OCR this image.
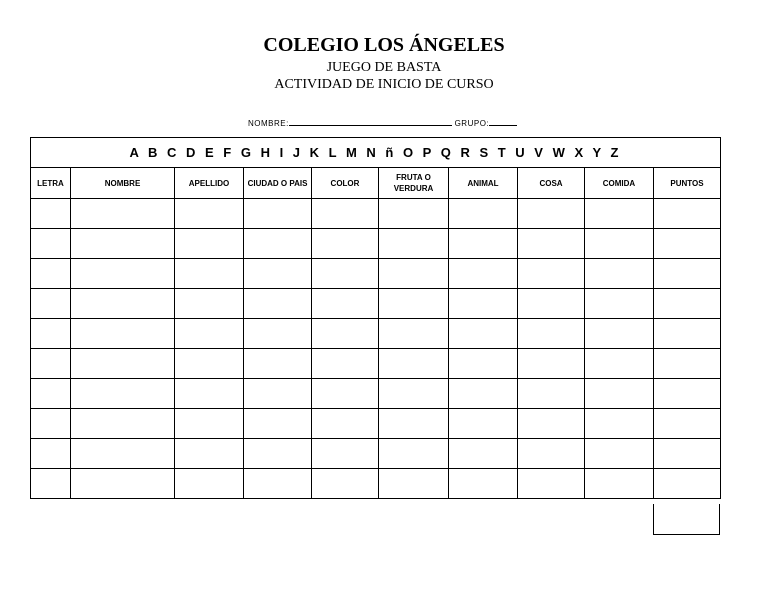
COLEGIO LOS ÁNGELES
JUEGO DE BASTA
ACTIVIDAD DE INICIO DE CURSO
NOMBRE:	GRUPO:
A B C D E F G H I J K L M N ñ O P Q R S T U V W X Y Z									
LETRA	NOMBRE	APELLIDO	CIUDAD O PAIS	COLOR	FRUTA O VERDURA	ANIMAL	COSA	COMIDA	PUNTOS
